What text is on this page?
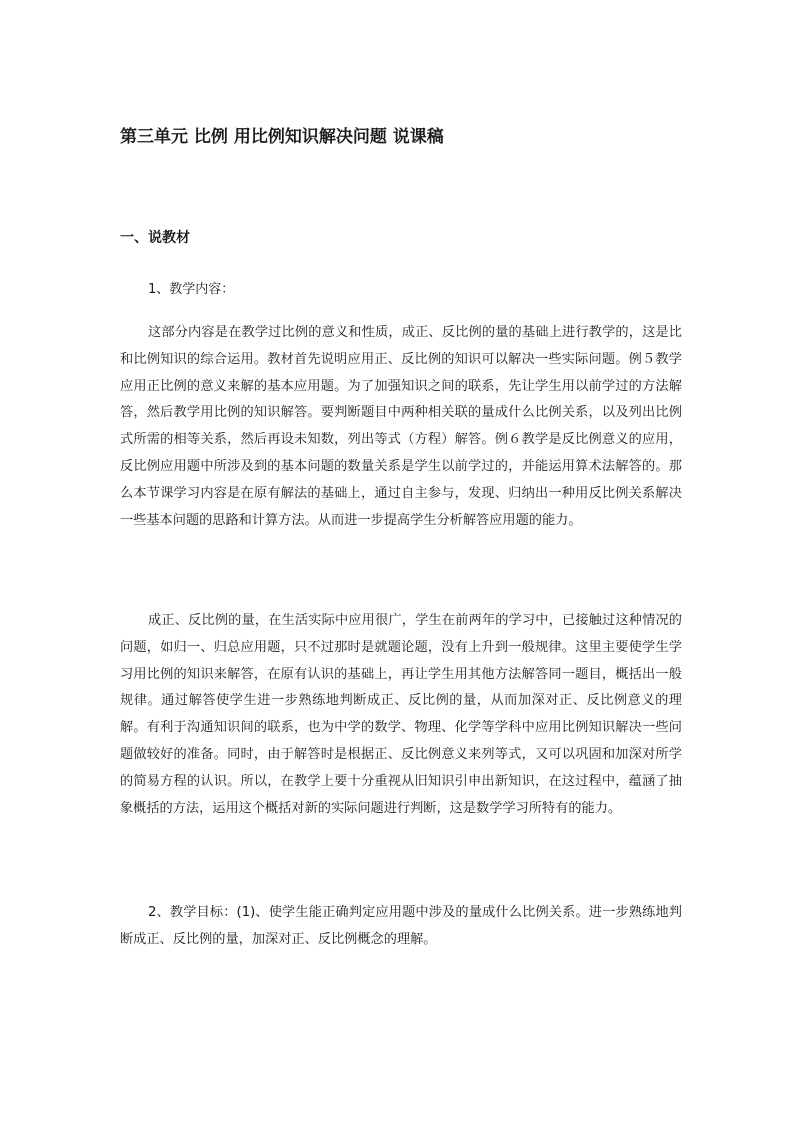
第三单元 比例 用比例知识解决问题 说课稿
一、说教材
1、教学内容：

这部分内容是在教学过比例的意义和性质，成正、反比例的量的基础上进行教学的，这是比和比例知识的综合运用。教材首先说明应用正、反比例的知识可以解决一些实际问题。例５教学应用正比例的意义来解的基本应用题。为了加强知识之间的联系，先让学生用以前学过的方法解答，然后教学用比例的知识解答。要判断题目中两种相关联的量成什么比例关系，以及列出比例式所需的相等关系，然后再设未知数，列出等式（方程）解答。例６教学是反比例意义的应用，反比例应用题中所涉及到的基本问题的数量关系是学生以前学过的，并能运用算术法解答的。那么本节课学习内容是在原有解法的基础上，通过自主参与，发现、归纳出一种用反比例关系解决一些基本问题的思路和计算方法。从而进一步提高学生分析解答应用题的能力。

成正、反比例的量，在生活实际中应用很广，学生在前两年的学习中，已接触过这种情况的问题，如归一、归总应用题，只不过那时是就题论题，没有上升到一般规律。这里主要使学生学习用比例的知识来解答，在原有认识的基础上，再让学生用其他方法解答同一题目，概括出一般规律。通过解答使学生进一步熟练地判断成正、反比例的量，从而加深对正、反比例意义的理解。有利于沟通知识间的联系，也为中学的数学、物理、化学等学科中应用比例知识解决一些问题做较好的准备。同时，由于解答时是根据正、反比例意义来列等式，又可以巩固和加深对所学的简易方程的认识。所以，在教学上要十分重视从旧知识引申出新知识，在这过程中，蕴涵了抽象概括的方法，运用这个概括对新的实际问题进行判断，这是数学学习所特有的能力。

2、教学目标：(1)、使学生能正确判定应用题中涉及的量成什么比例关系。进一步熟练地判断成正、反比例的量，加深对正、反比例概念的理解。
